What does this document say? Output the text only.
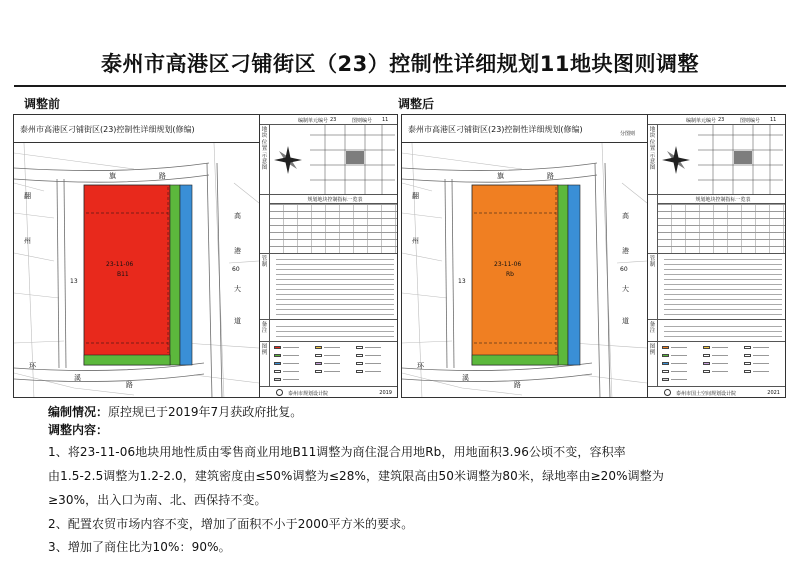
泰州市高港区刁铺街区（23）控制性详细规划11地块图则调整
调整前	调整后
泰州市高港区刁铺街区(23)控制性详细规划(修编)
23-11-06
B11
翻
州
旗	路
高
港
60
大
道
环
溪
路
13
编制单元编号 23	图则编号 11
地块位置示意图
规划地块控制指标一览表
管制
备注
图例
泰州市规划设计院	2019
泰州市高港区刁铺街区(23)控制性详细规划(修编)	分图则
23-11-06
Rb
翻
州
旗	路
高
港
60
大
道
环
溪
路
13
编制单元编号 23	图则编号 11
地块位置示意图
规划地块控制指标一览表
管制
备注
图例
泰州市国土空间规划设计院	2021
编制情况：原控规已于2019年7月获政府批复。
调整内容：
1、将23-11-06地块用地性质由零售商业用地B11调整为商住混合用地Rb，用地面积3.96公顷不变，容积率
由1.5-2.5调整为1.2-2.0，建筑密度由≤50%调整为≤28%，建筑限高由50米调整为80米，绿地率由≥20%调整为
≥30%，出入口为南、北、西保持不变。
2、配置农贸市场内容不变，增加了面积不小于2000平方米的要求。
3、增加了商住比为10%：90%。
